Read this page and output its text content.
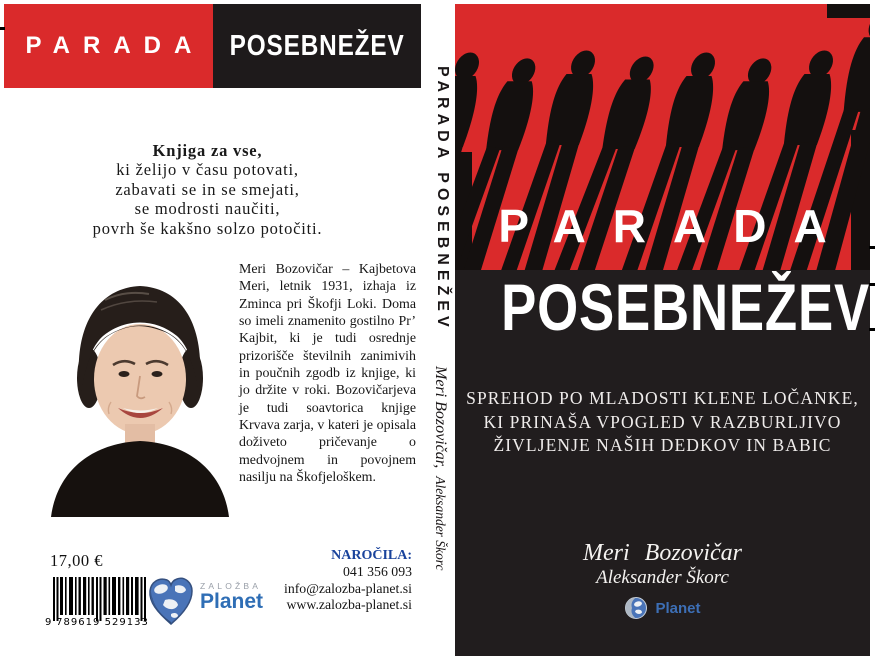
PARADA POSEBNEŽEV
Knjiga za vse,
ki želijo v času potovati,
zabavati se in se smejati,
se modrosti naučiti,
povrh še kakšno solzo potočiti.
Meri Bozovičar – Kajbetova Meri, letnik 1931, izhaja iz Zminca pri Škofji Loki. Doma so imeli znamenito gostilno Pr’ Kajbit, ki je tudi osrednje prizorišče številnih zanimivih in poučnih zgodb iz knjige, ki jo držite v roki. Bozovičarjeva je tudi soavtorica knjige Krvava zarja, v kateri je opisala doživeto pričevanje o medvojnem in povojnem nasilju na Škofjeloškem.
17,00 €
9 789619 529133
ZALOŽBA
Planet
NAROČILA:
041 356 093
info@zalozba-planet.si
www.zalozba-planet.si
PARADAPOSEBNEŽEV
Meri Bozovičar,Aleksander Škorc
PARADA
POSEBNEŽEV
SPREHOD PO MLADOSTI KLENE LOČANKE,
KI PRINAŠA VPOGLED V RAZBURLJIVO
ŽIVLJENJE NAŠIH DEDKOV IN BABIC
Meri Bozovičar
Aleksander Škorc
Planet
